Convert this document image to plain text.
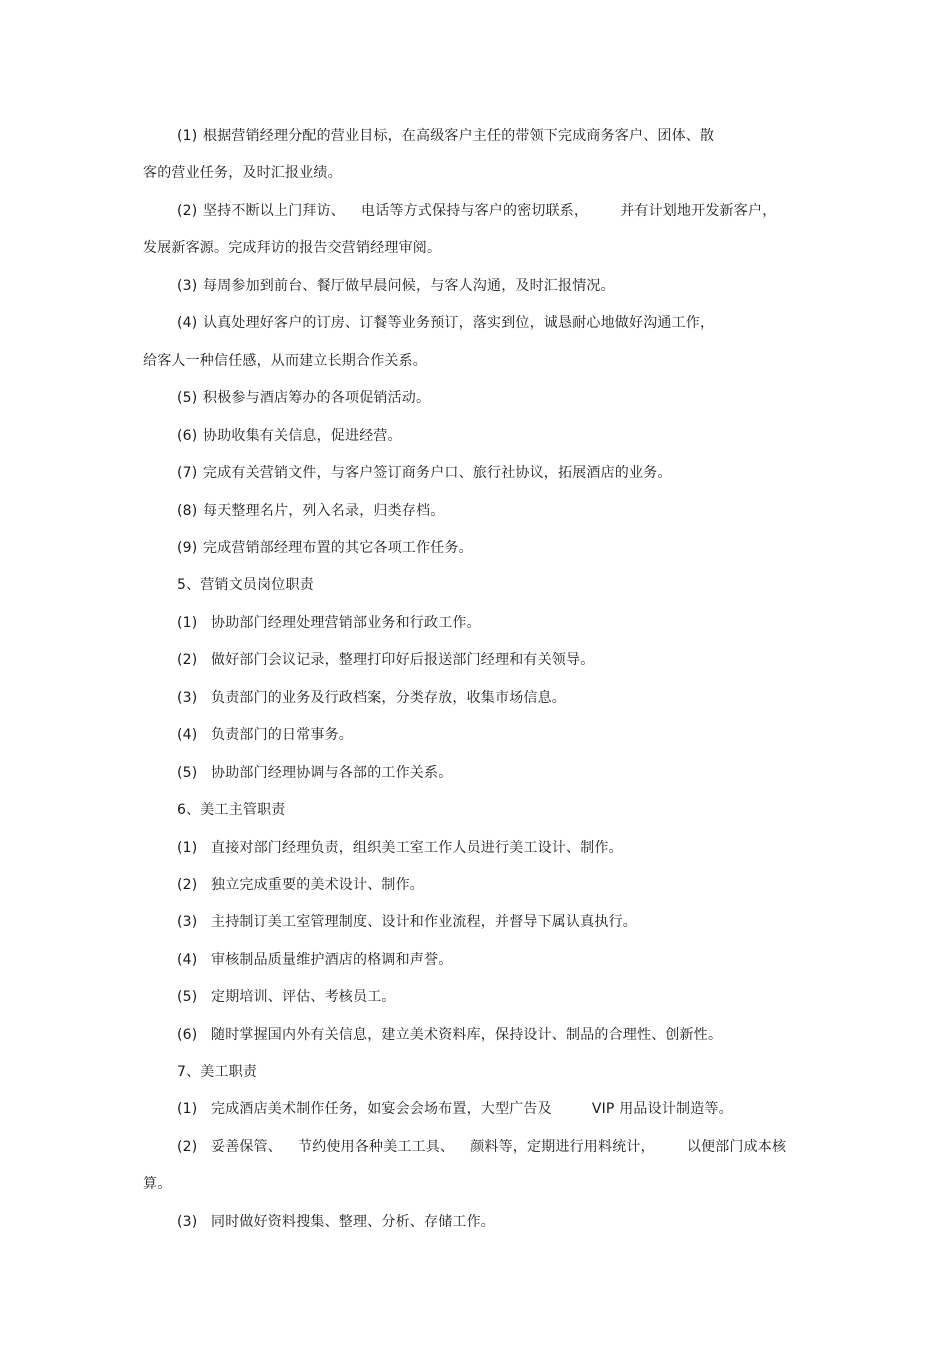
(1) 根据营销经理分配的营业目标，在高级客户主任的带领下完成商务客户、团体、散
客的营业任务，及时汇报业绩。
(2) 坚持不断以上门拜访、 电话等方式保持与客户的密切联系， 并有计划地开发新客户，
发展新客源。完成拜访的报告交营销经理审阅。
(3) 每周参加到前台、餐厅做早晨问候，与客人沟通，及时汇报情况。
(4) 认真处理好客户的订房、订餐等业务预订，落实到位，诚恳耐心地做好沟通工作，
给客人一种信任感，从而建立长期合作关系。
(5) 积极参与酒店筹办的各项促销活动。
(6) 协助收集有关信息，促进经营。
(7) 完成有关营销文件，与客户签订商务户口、旅行社协议，拓展酒店的业务。
(8) 每天整理名片，列入名录，归类存档。
(9) 完成营销部经理布置的其它各项工作任务。
5、营销文员岗位职责
(1) 协助部门经理处理营销部业务和行政工作。
(2) 做好部门会议记录，整理打印好后报送部门经理和有关领导。
(3) 负责部门的业务及行政档案，分类存放，收集市场信息。
(4) 负责部门的日常事务。
(5) 协助部门经理协调与各部的工作关系。
6、美工主管职责
(1) 直接对部门经理负责，组织美工室工作人员进行美工设计、制作。
(2) 独立完成重要的美术设计、制作。
(3) 主持制订美工室管理制度、设计和作业流程，并督导下属认真执行。
(4) 审核制品质量维护酒店的格调和声誉。
(5) 定期培训、评估、考核员工。
(6) 随时掌握国内外有关信息，建立美术资料库，保持设计、制品的合理性、创新性。
7、美工职责
(1) 完成酒店美术制作任务，如宴会会场布置，大型广告及	VIP 用品设计制造等。
(2) 妥善保管、 节约使用各种美工工具、 颜料等，定期进行用料统计， 以便部门成本核
算。
(3) 同时做好资料搜集、整理、分析、存储工作。
